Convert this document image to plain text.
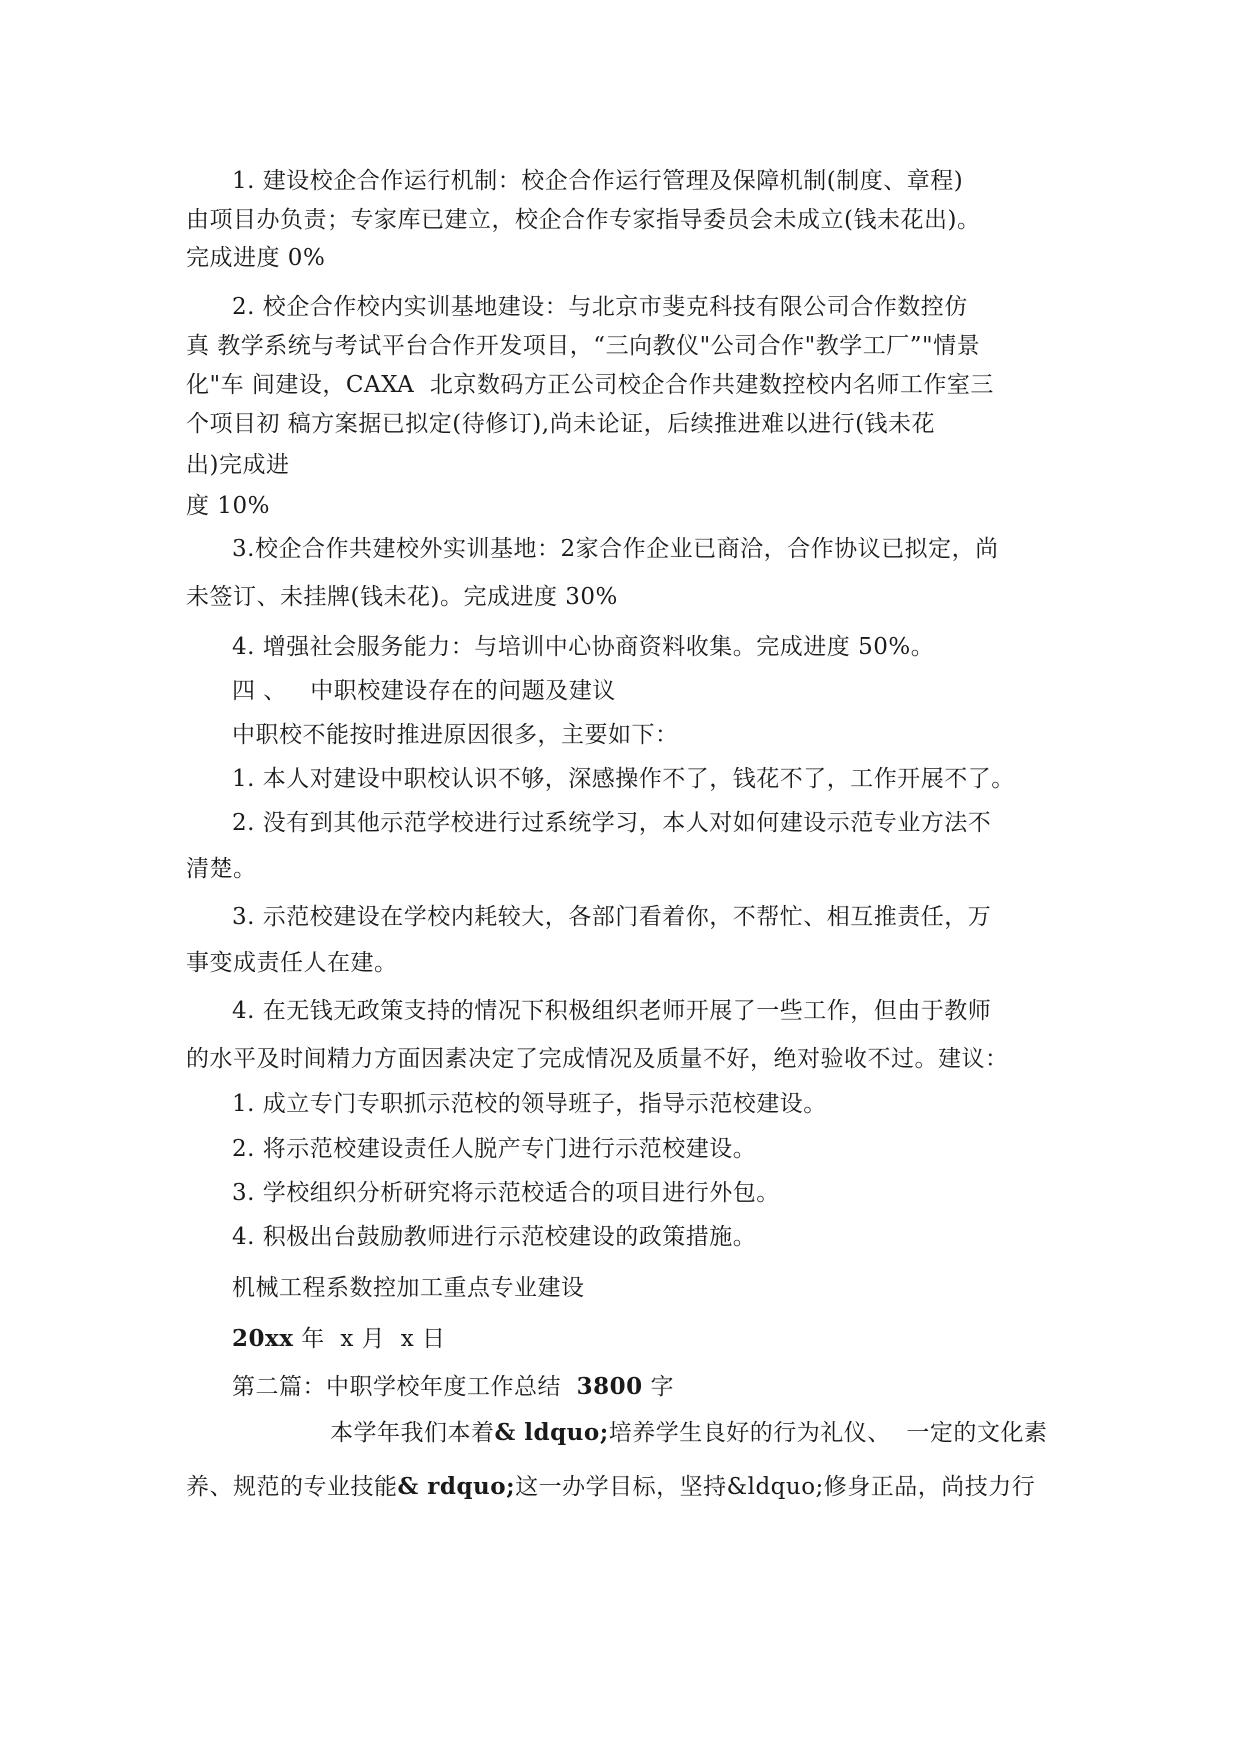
1. 建设校企合作运行机制：校企合作运行管理及保障机制(制度、章程)
由项目办负责；专家库已建立，校企合作专家指导委员会未成立(钱未花出)。
完成进度 0%
2. 校企合作校内实训基地建设：与北京市斐克科技有限公司合作数控仿
真 教学系统与考试平台合作开发项目，“三向教仪"公司合作"教学工厂”"情景
化"车 间建设，CAXA  北京数码方正公司校企合作共建数控校内名师工作室三
个项目初 稿方案据已拟定(待修订),尚未论证，后续推进难以进行(钱未花
出)完成进
度 10%
3.校企合作共建校外实训基地：2家合作企业已商洽，合作协议已拟定，尚
未签订、未挂牌(钱未花)。完成进度 30%
4. 增强社会服务能力：与培训中心协商资料收集。完成进度 50%。
四 、   中职校建设存在的问题及建议
中职校不能按时推进原因很多，主要如下：
1. 本人对建设中职校认识不够，深感操作不了，钱花不了，工作开展不了。
2. 没有到其他示范学校进行过系统学习，本人对如何建设示范专业方法不
清楚。
3. 示范校建设在学校内耗较大，各部门看着你，不帮忙、相互推责任，万
事变成责任人在建。
4. 在无钱无政策支持的情况下积极组织老师开展了一些工作，但由于教师
的水平及时间精力方面因素决定了完成情况及质量不好，绝对验收不过。建议：
1. 成立专门专职抓示范校的领导班子，指导示范校建设。
2. 将示范校建设责任人脱产专门进行示范校建设。
3. 学校组织分析研究将示范校适合的项目进行外包。
4. 积极出台鼓励教师进行示范校建设的政策措施。
机械工程系数控加工重点专业建设
20xx 年  x 月  x 日
第二篇：中职学校年度工作总结  3800 字
本学年我们本着& ldquo;培养学生良好的行为礼仪、  一定的文化素
养、规范的专业技能& rdquo;这一办学目标，坚持&ldquo;修身正品，尚技力行
